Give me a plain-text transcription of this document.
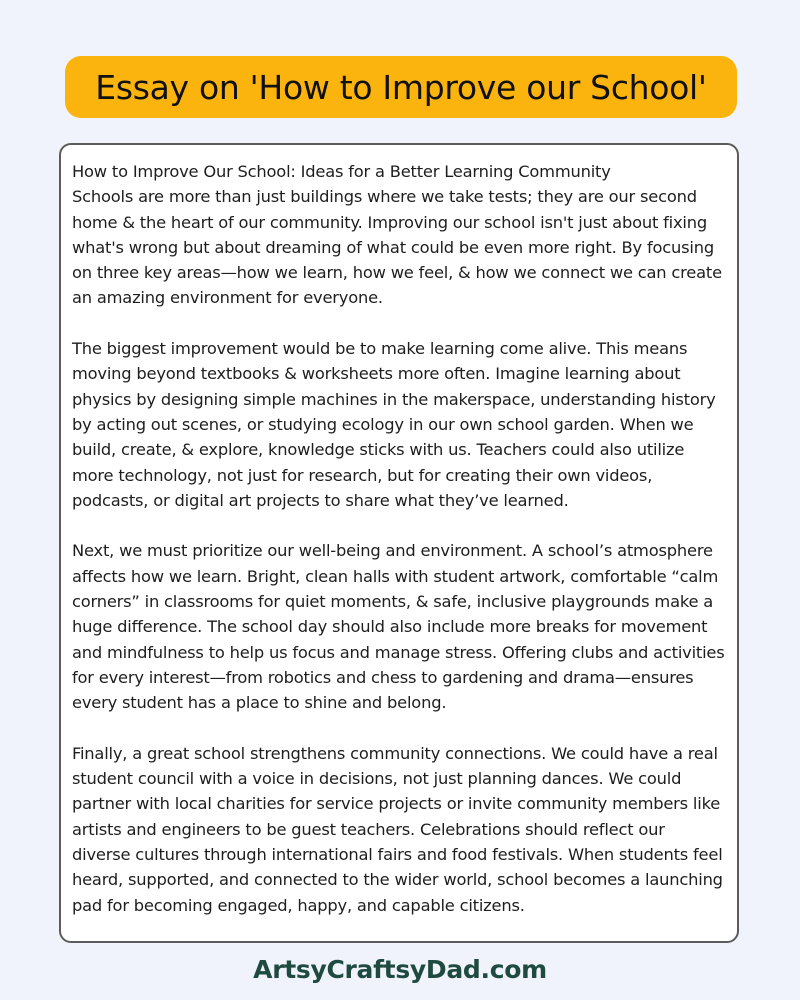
Essay on 'How to Improve our School'

How to Improve Our School: Ideas for a Better Learning Community

Schools are more than just buildings where we take tests; they are our second home & the heart of our community. Improving our school isn't just about fixing what's wrong but about dreaming of what could be even more right. By focusing on three key areas—how we learn, how we feel, & how we connect we can create an amazing environment for everyone.

The biggest improvement would be to make learning come alive. This means moving beyond textbooks & worksheets more often. Imagine learning about physics by designing simple machines in the makerspace, understanding history by acting out scenes, or studying ecology in our own school garden. When we build, create, & explore, knowledge sticks with us. Teachers could also utilize more technology, not just for research, but for creating their own videos, podcasts, or digital art projects to share what they’ve learned.

Next, we must prioritize our well-being and environment. A school’s atmosphere affects how we learn. Bright, clean halls with student artwork, comfortable “calm corners” in classrooms for quiet moments, & safe, inclusive playgrounds make a huge difference. The school day should also include more breaks for movement and mindfulness to help us focus and manage stress. Offering clubs and activities for every interest—from robotics and chess to gardening and drama—ensures every student has a place to shine and belong.

Finally, a great school strengthens community connections. We could have a real student council with a voice in decisions, not just planning dances. We could partner with local charities for service projects or invite community members like artists and engineers to be guest teachers. Celebrations should reflect our diverse cultures through international fairs and food festivals. When students feel heard, supported, and connected to the wider world, school becomes a launching pad for becoming engaged, happy, and capable citizens.

ArtsyCraftsyDad.com
